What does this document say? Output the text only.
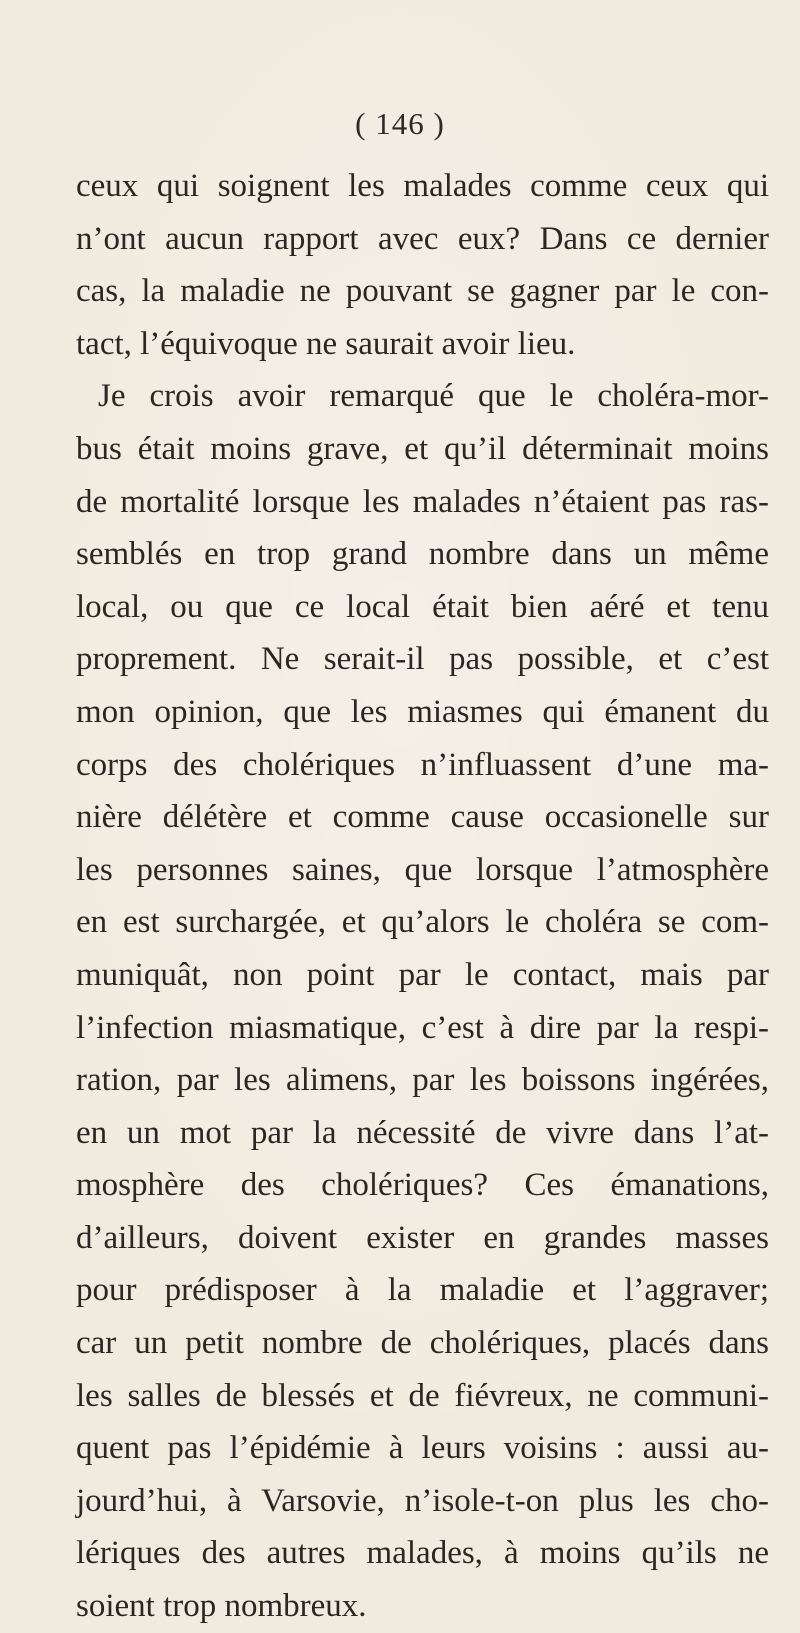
( 146 )
ceux qui soignent les malades comme ceux qui
n’ont aucun rapport avec eux? Dans ce dernier
cas, la maladie ne pouvant se gagner par le con-
tact, l’équivoque ne saurait avoir lieu.
Je crois avoir remarqué que le choléra-mor-
bus était moins grave, et qu’il déterminait moins
de mortalité lorsque les malades n’étaient pas ras-
semblés en trop grand nombre dans un même
local, ou que ce local était bien aéré et tenu
proprement. Ne serait-il pas possible, et c’est
mon opinion, que les miasmes qui émanent du
corps des cholériques n’influassent d’une ma-
nière délétère et comme cause occasionelle sur
les personnes saines, que lorsque l’atmosphère
en est surchargée, et qu’alors le choléra se com-
muniquât, non point par le contact, mais par
l’infection miasmatique, c’est à dire par la respi-
ration, par les alimens, par les boissons ingérées,
en un mot par la nécessité de vivre dans l’at-
mosphère des cholériques? Ces émanations,
d’ailleurs, doivent exister en grandes masses
pour prédisposer à la maladie et l’aggraver;
car un petit nombre de cholériques, placés dans
les salles de blessés et de fiévreux, ne communi-
quent pas l’épidémie à leurs voisins : aussi au-
jourd’hui, à Varsovie, n’isole-t-on plus les cho-
lériques des autres malades, à moins qu’ils ne
soient trop nombreux.
